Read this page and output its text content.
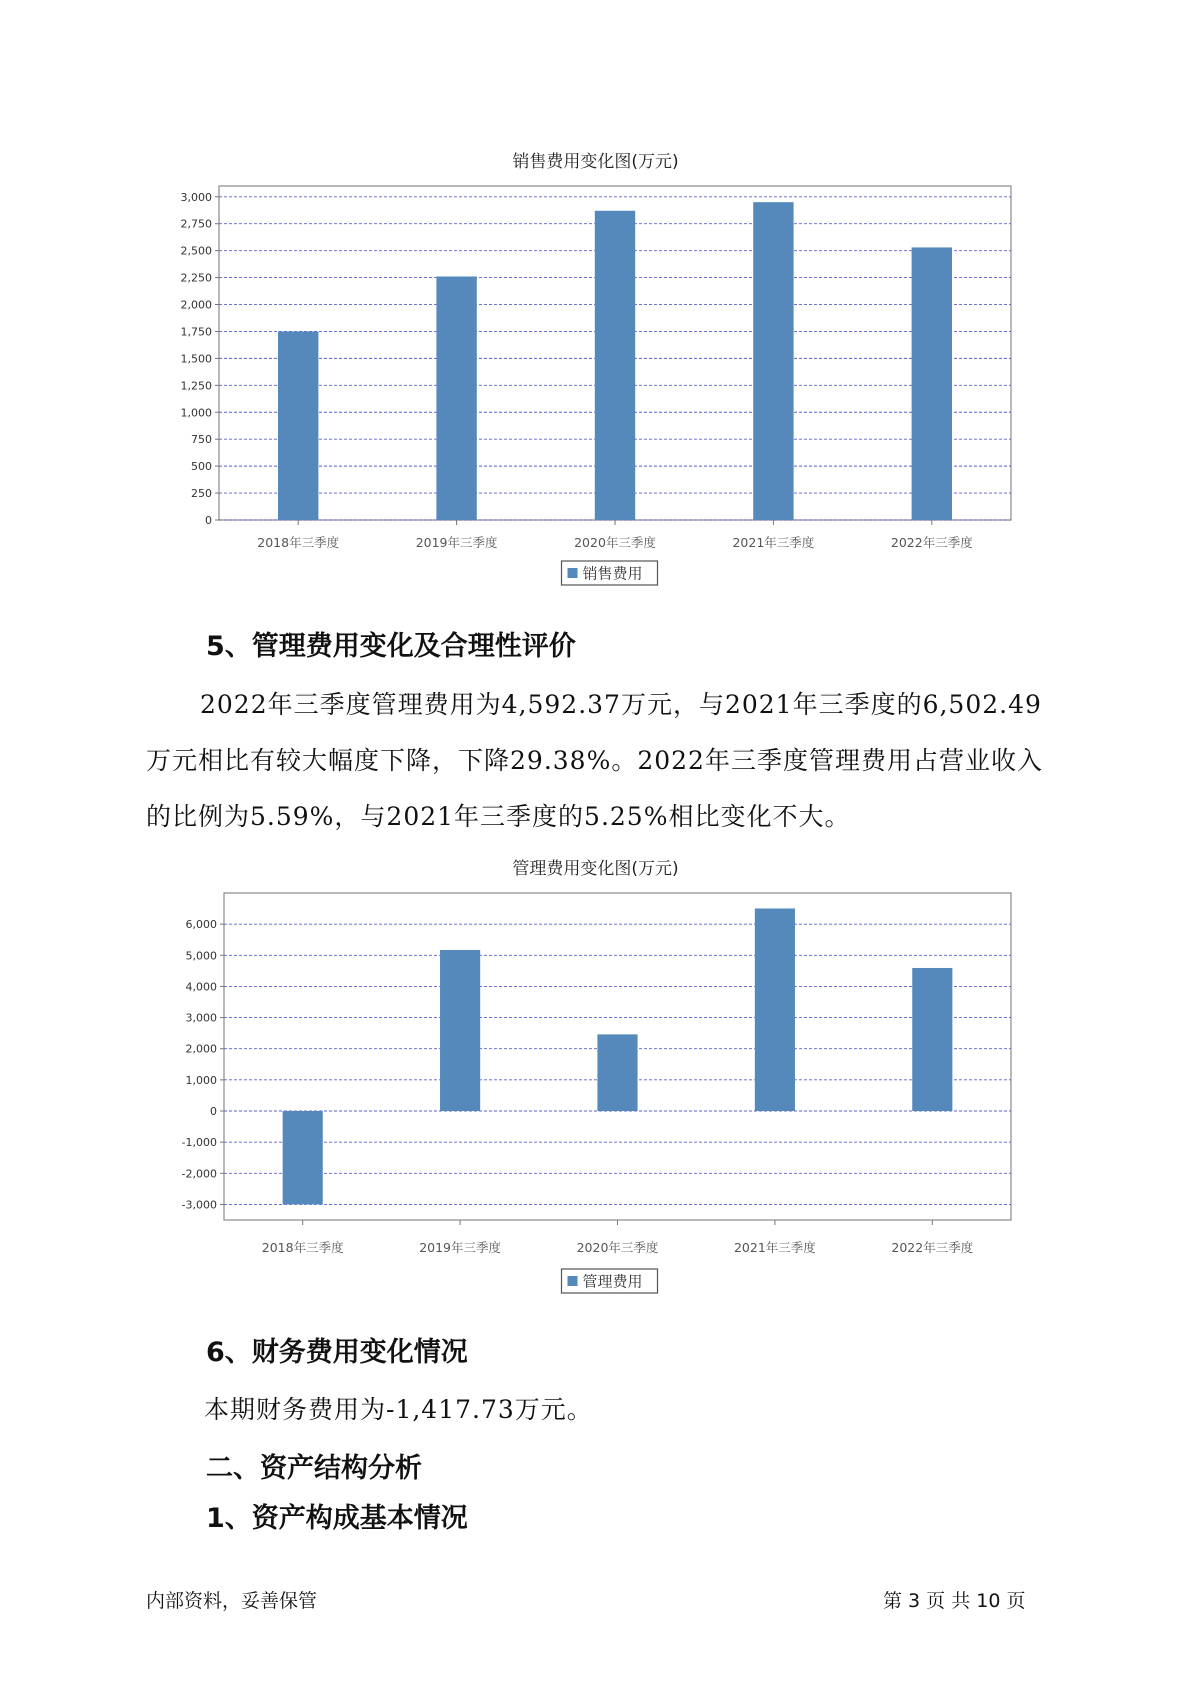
销售费用变化图(万元)
0
250
500
750
1,000
1,250
1,500
1,750
2,000
2,250
2,500
2,750
3,000
2018年三季度	2019年三季度	2020年三季度	2021年三季度	2022年三季度
销售费用
5、管理费用变化及合理性评价

2022年三季度管理费用为4,592.37万元，与2021年三季度的6,502.49万元相比有较大幅度下降，下降29.38%。2022年三季度管理费用占营业收入的比例为5.59%，与2021年三季度的5.25%相比变化不大。

管理费用变化图(万元)
-3,000
-2,000
-1,000
0
1,000
2,000
3,000
4,000
5,000
6,000
2018年三季度	2019年三季度	2020年三季度	2021年三季度	2022年三季度
管理费用
6、财务费用变化情况
本期财务费用为-1,417.73万元。
二、资产结构分析
1、资产构成基本情况
内部资料，妥善保管	第 3 页 共 10 页
